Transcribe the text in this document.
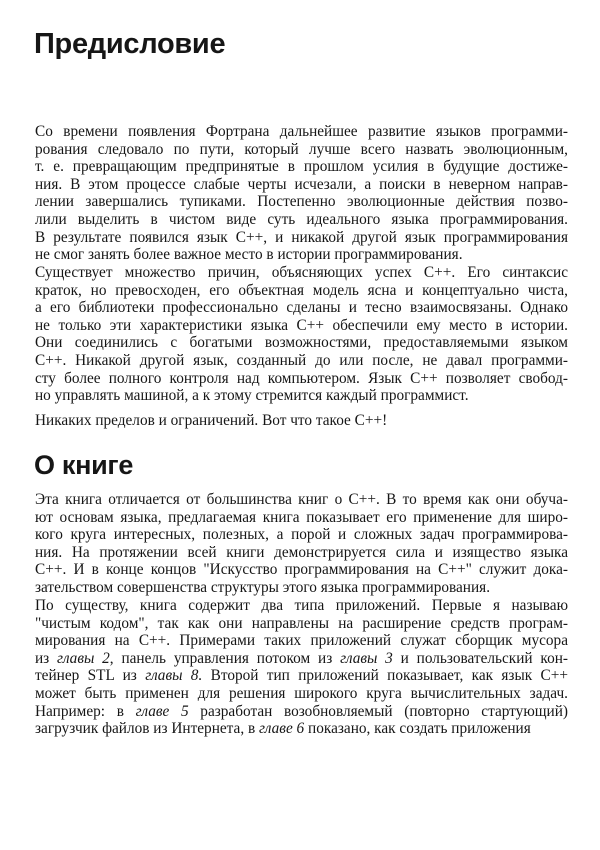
Предисловие
О книге
Со времени появления Фортрана дальнейшее развитие языков программи-
рования следовало по пути, который лучше всего назвать эволюционным,
т. е. превращающим предпринятые в прошлом усилия в будущие достиже-
ния. В этом процессе слабые черты исчезали, а поиски в неверном направ-
лении завершались тупиками. Постепенно эволюционные действия позво-
лили выделить в чистом виде суть идеального языка программирования.
В результате появился язык С++, и никакой другой язык программирования
не смог занять более важное место в истории программирования.
Существует множество причин, объясняющих успех С++. Его синтаксис
краток, но превосходен, его объектная модель ясна и концептуально чиста,
а его библиотеки профессионально сделаны и тесно взаимосвязаны. Однако
не только эти характеристики языка С++ обеспечили ему место в истории.
Они соединились с богатыми возможностями, предоставляемыми языком
С++. Никакой другой язык, созданный до или после, не давал программи-
сту более полного контроля над компьютером. Язык С++ позволяет свобод-
но управлять машиной, а к этому стремится каждый программист.
Никаких пределов и ограничений. Вот что такое С++!
Эта книга отличается от большинства книг о С++. В то время как они обуча-
ют основам языка, предлагаемая книга показывает его применение для широ-
кого круга интересных, полезных, а порой и сложных задач программирова-
ния. На протяжении всей книги демонстрируется сила и изящество языка
С++. И в конце концов "Искусство программирования на С++" служит дока-
зательством совершенства структуры этого языка программирования.
По существу, книга содержит два типа приложений. Первые я называю
"чистым кодом", так как они направлены на расширение средств програм-
мирования на С++. Примерами таких приложений служат сборщик мусора
из главы 2, панель управления потоком из главы 3 и пользовательский кон-
тейнер STL из главы 8. Второй тип приложений показывает, как язык С++
может быть применен для решения широкого круга вычислительных задач.
Например: в главе 5 разработан возобновляемый (повторно стартующий)
загрузчик файлов из Интернета, в главе 6 показано, как создать приложения
